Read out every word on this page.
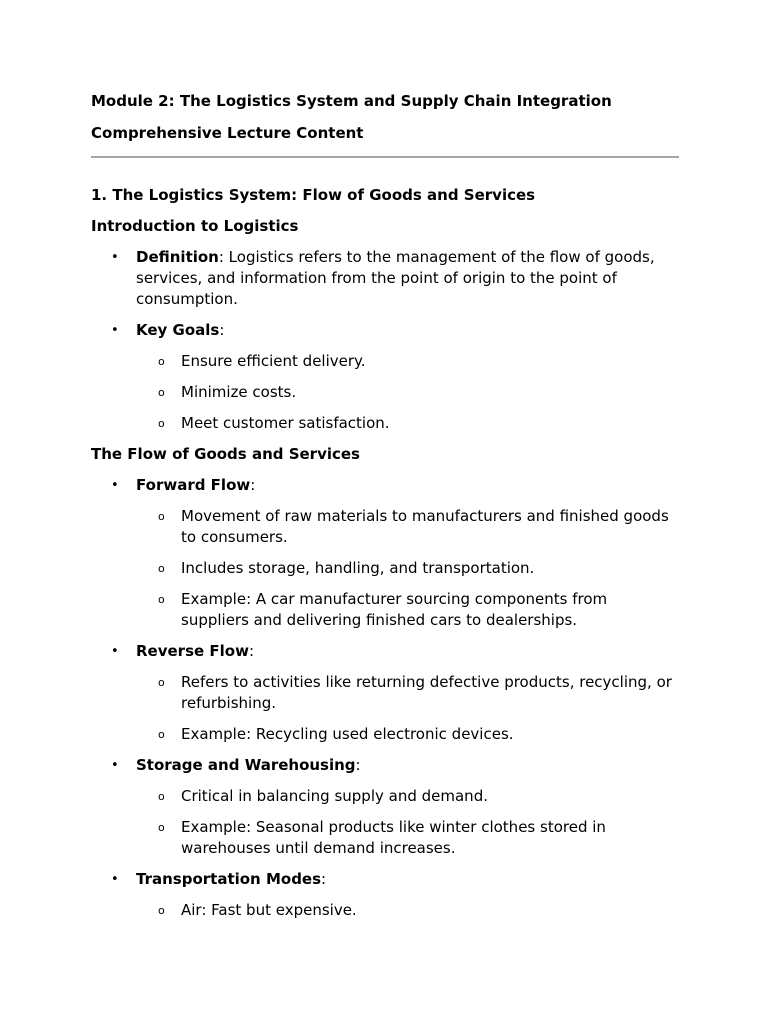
Module 2: The Logistics System and Supply Chain Integration
Comprehensive Lecture Content
1. The Logistics System: Flow of Goods and Services
Introduction to Logistics
• Definition: Logistics refers to the management of the flow of goods, services, and information from the point of origin to the point of consumption.
• Key Goals:
o Ensure efficient delivery.
o Minimize costs.
o Meet customer satisfaction.
The Flow of Goods and Services
• Forward Flow:
o Movement of raw materials to manufacturers and finished goods to consumers.
o Includes storage, handling, and transportation.
o Example: A car manufacturer sourcing components from suppliers and delivering finished cars to dealerships.
• Reverse Flow:
o Refers to activities like returning defective products, recycling, or refurbishing.
o Example: Recycling used electronic devices.
• Storage and Warehousing:
o Critical in balancing supply and demand.
o Example: Seasonal products like winter clothes stored in warehouses until demand increases.
• Transportation Modes:
o Air: Fast but expensive.
